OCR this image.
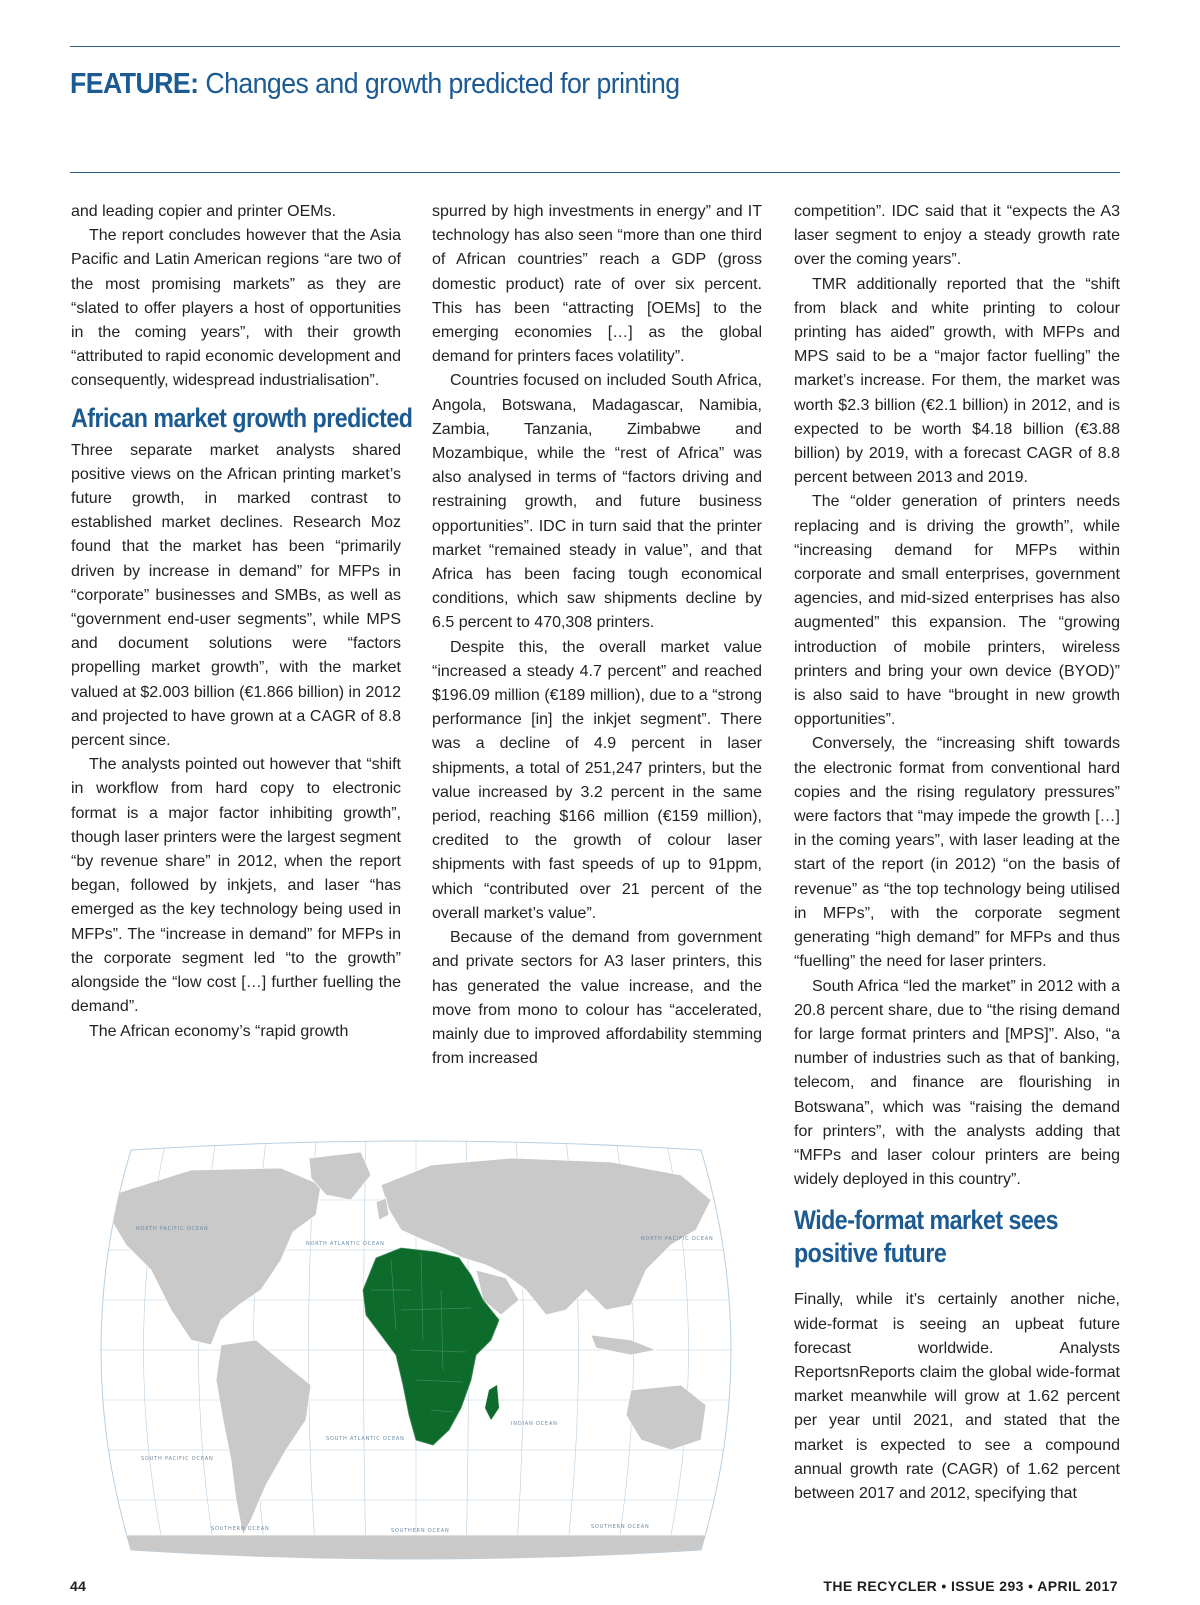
FEATURE: Changes and growth predicted for printing

and leading copier and printer OEMs.

The report concludes however that the Asia Pacific and Latin American regions “are two of the most promising markets” as they are “slated to offer players a host of opportunities in the coming years”, with their growth “attributed to rapid economic development and consequently, widespread industrialisation”.

African market growth predicted

Three separate market analysts shared positive views on the African printing market’s future growth, in marked contrast to established market declines. Research Moz found that the market has been “primarily driven by increase in demand” for MFPs in “corporate” businesses and SMBs, as well as “government end-user segments”, while MPS and document solutions were “factors propelling market growth”, with the market valued at $2.003 billion (€1.866 billion) in 2012 and projected to have grown at a CAGR of 8.8 percent since.

The analysts pointed out however that “shift in workflow from hard copy to electronic format is a major factor inhibiting growth”, though laser printers were the largest segment “by revenue share” in 2012, when the report began, followed by inkjets, and laser “has emerged as the key technology being used in MFPs”. The “increase in demand” for MFPs in the corporate segment led “to the growth” alongside the “low cost […] further fuelling the demand”.

The African economy’s “rapid growth

spurred by high investments in energy” and IT technology has also seen “more than one third of African countries” reach a GDP (gross domestic product) rate of over six percent. This has been “attracting [OEMs] to the emerging economies […] as the global demand for printers faces volatility”.

Countries focused on included South Africa, Angola, Botswana, Madagascar, Namibia, Zambia, Tanzania, Zimbabwe and Mozambique, while the “rest of Africa” was also analysed in terms of “factors driving and restraining growth, and future business opportunities”. IDC in turn said that the printer market “remained steady in value”, and that Africa has been facing tough economical conditions, which saw shipments decline by 6.5 percent to 470,308 printers.

Despite this, the overall market value “increased a steady 4.7 percent” and reached $196.09 million (€189 million), due to a “strong performance [in] the inkjet segment”. There was a decline of 4.9 percent in laser shipments, a total of 251,247 printers, but the value increased by 3.2 percent in the same period, reaching $166 million (€159 million), credited to the growth of colour laser shipments with fast speeds of up to 91ppm, which “contributed over 21 percent of the overall market’s value”.

Because of the demand from government and private sectors for A3 laser printers, this has generated the value increase, and the move from mono to colour has “accelerated, mainly due to improved affordability stemming from increased

competition”. IDC said that it “expects the A3 laser segment to enjoy a steady growth rate over the coming years”.

TMR additionally reported that the “shift from black and white printing to colour printing has aided” growth, with MFPs and MPS said to be a “major factor fuelling” the market’s increase. For them, the market was worth $2.3 billion (€2.1 billion) in 2012, and is expected to be worth $4.18 billion (€3.88 billion) by 2019, with a forecast CAGR of 8.8 percent between 2013 and 2019.

The “older generation of printers needs replacing and is driving the growth”, while “increasing demand for MFPs within corporate and small enterprises, government agencies, and mid-sized enterprises has also augmented” this expansion. The “growing introduction of mobile printers, wireless printers and bring your own device (BYOD)” is also said to have “brought in new growth opportunities”.

Conversely, the “increasing shift towards the electronic format from conventional hard copies and the rising regulatory pressures” were factors that “may impede the growth […] in the coming years”, with laser leading at the start of the report (in 2012) “on the basis of revenue” as “the top technology being utilised in MFPs”, with the corporate segment generating “high demand” for MFPs and thus “fuelling” the need for laser printers.

South Africa “led the market” in 2012 with a 20.8 percent share, due to “the rising demand for large format printers and [MPS]”. Also, “a number of industries such as that of banking, telecom, and finance are flourishing in Botswana”, which was “raising the demand for printers”, with the analysts adding that “MFPs and laser colour printers are being widely deployed in this country”.

Wide-format market sees positive future

Finally, while it’s certainly another niche, wide-format is seeing an upbeat future forecast worldwide. Analysts ReportsnReports claim the global wide-format market meanwhile will grow at 1.62 percent per year until 2021, and stated that the market is expected to see a compound annual growth rate (CAGR) of 1.62 percent between 2017 and 2012, specifying that

NORTH PACIFIC OCEAN
NORTH ATLANTIC OCEAN
NORTH PACIFIC OCEAN
SOUTH ATLANTIC OCEAN
INDIAN OCEAN
SOUTH PACIFIC OCEAN
SOUTHERN OCEAN	SOUTHERN OCEAN
SOUTHERN OCEAN
44	THE RECYCLER • ISSUE 293 • APRIL 2017
